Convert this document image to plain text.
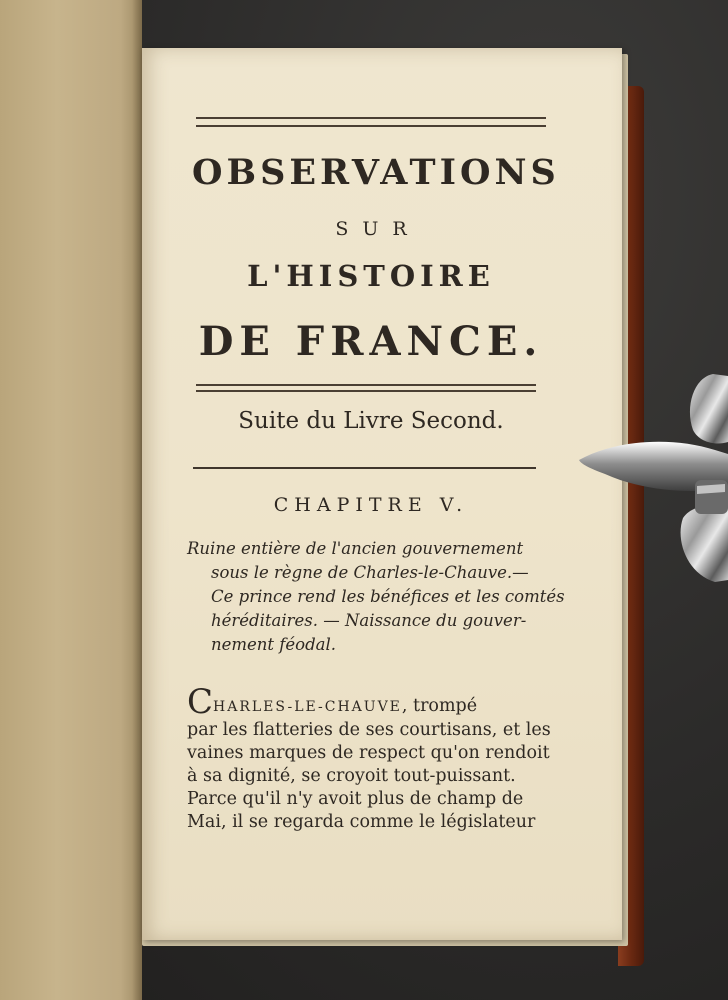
OBSERVATIONS
SUR
L'HISTOIRE
DE FRANCE.
Suite du Livre Second.
CHAPITRE V.
Ruine entière de l'ancien gouvernement
sous le règne de Charles-le-Chauve.—
Ce prince rend les bénéfices et les comtés
héréditaires. — Naissance du gouver-
nement féodal.
CHARLES-LE-CHAUVE, trompé
par les flatteries de ses courtisans, et les
vaines marques de respect qu'on rendoit
à sa dignité, se croyoit tout-puissant.
Parce qu'il n'y avoit plus de champ de
Mai, il se regarda comme le législateur
